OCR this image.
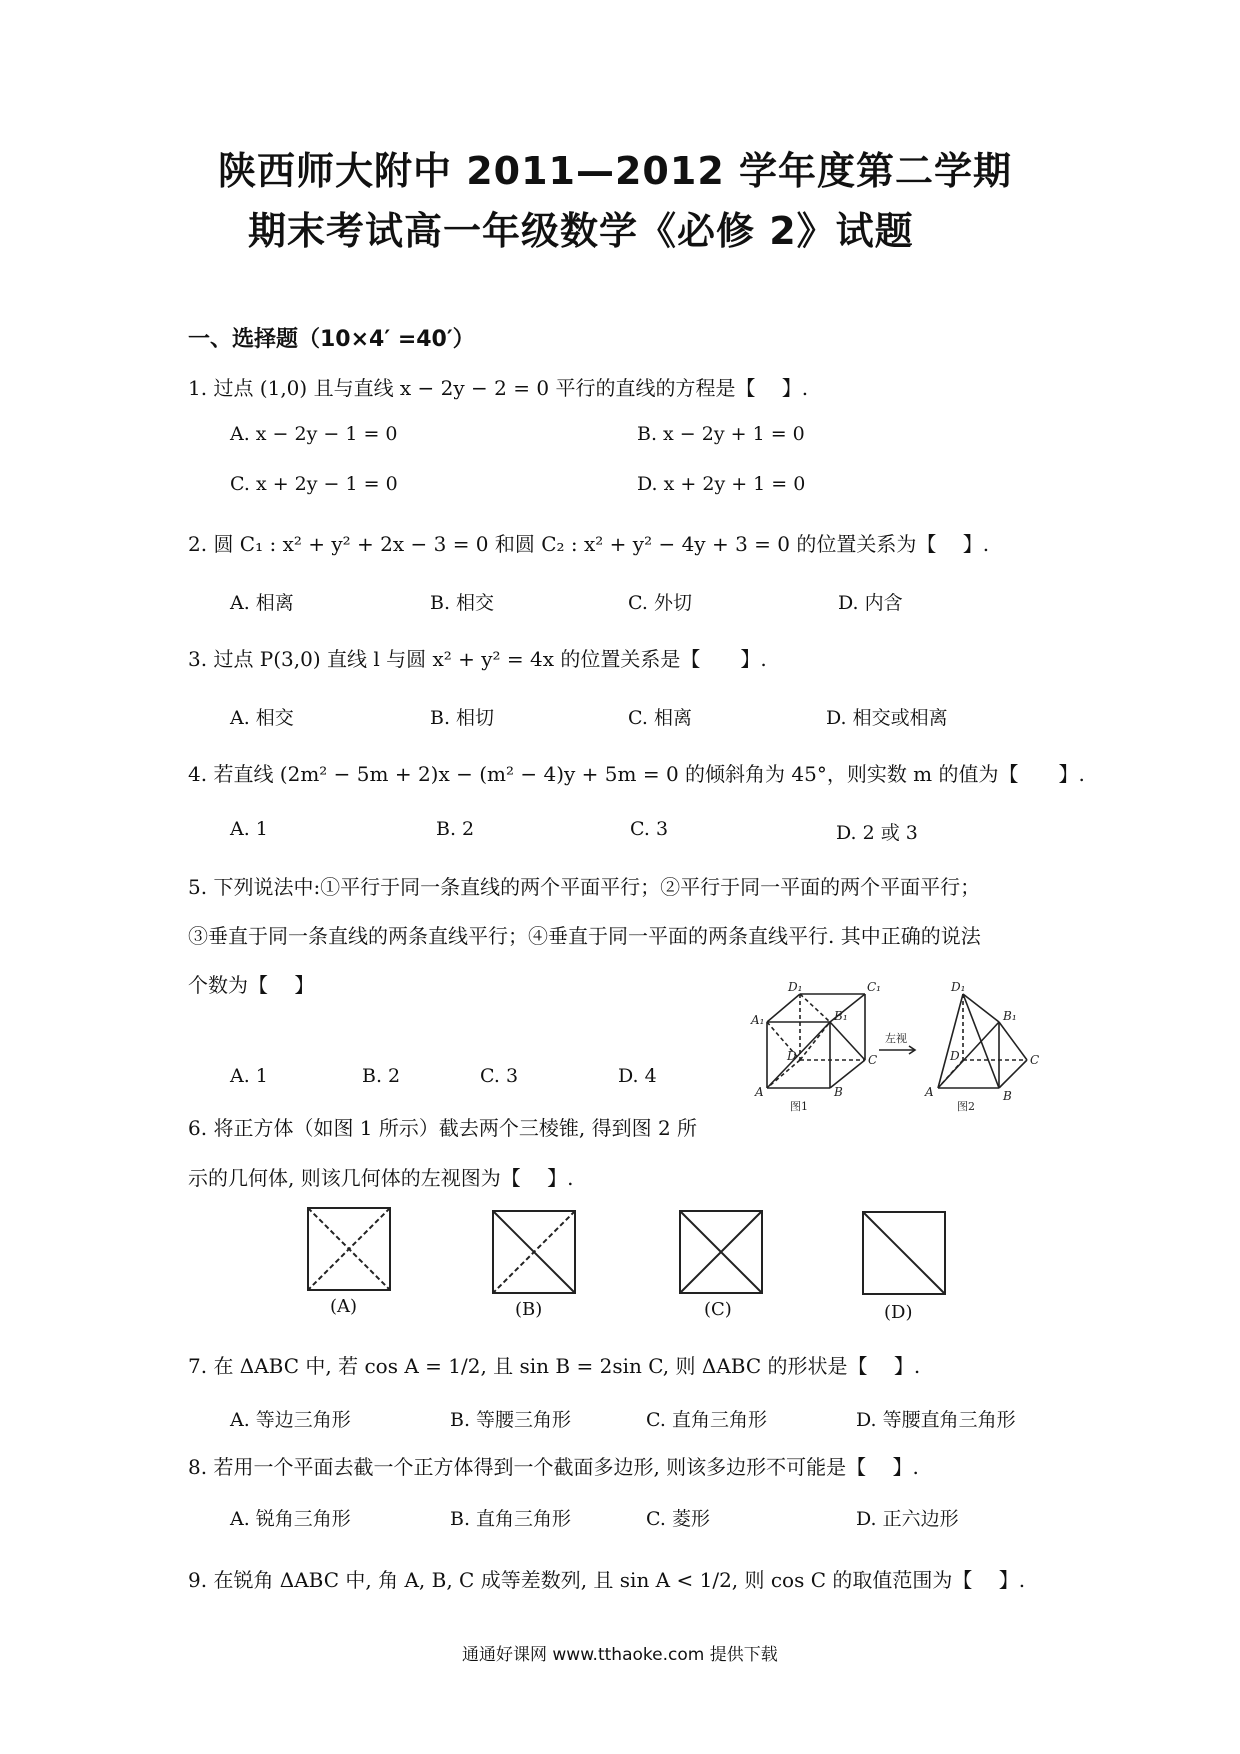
陕西师大附中 2011—2012 学年度第二学期
期末考试高一年级数学《必修 2》试题
一、选择题（10×4′ =40′）
1. 过点 (1,0) 且与直线 x − 2y − 2 = 0 平行的直线的方程是【　 】.
A. x − 2y − 1 = 0	B. x − 2y + 1 = 0
C. x + 2y − 1 = 0	D. x + 2y + 1 = 0
2. 圆 C₁ : x² + y² + 2x − 3 = 0 和圆 C₂ : x² + y² − 4y + 3 = 0 的位置关系为【　 】.
A. 相离	B. 相交	C. 外切	D. 内含
3. 过点 P(3,0) 直线 l 与圆 x² + y² = 4x 的位置关系是【　　】.
A. 相交	B. 相切	C. 相离	D. 相交或相离
4. 若直线 (2m² − 5m + 2)x − (m² − 4)y + 5m = 0 的倾斜角为 45°，则实数 m 的值为【　　】.
A. 1	B. 2	C. 3	D. 2 或 3
5. 下列说法中:①平行于同一条直线的两个平面平行；②平行于同一平面的两个平面平行；
③垂直于同一条直线的两条直线平行；④垂直于同一平面的两条直线平行. 其中正确的说法
个数为【　 】
A. 1	B. 2	C. 3	D. 4
D₁	C₁
A₁	B₁
D	C
A	B
D₁
B₁
D	C
A	B
左视
图1	图2
6. 将正方体（如图 1 所示）截去两个三棱锥, 得到图 2 所
示的几何体, 则该几何体的左视图为【　 】.
(A)	(B)	(C)	(D)
7. 在 ΔABC 中, 若 cos A = 1/2, 且 sin B = 2sin C, 则 ΔABC 的形状是【　 】.
A. 等边三角形	B. 等腰三角形	C. 直角三角形	D. 等腰直角三角形
8. 若用一个平面去截一个正方体得到一个截面多边形, 则该多边形不可能是【　 】.
A. 锐角三角形	B. 直角三角形	C. 菱形	D. 正六边形
9. 在锐角 ΔABC 中, 角 A, B, C 成等差数列, 且 sin A < 1/2, 则 cos C 的取值范围为【　 】.
通通好课网 www.tthaoke.com 提供下载
